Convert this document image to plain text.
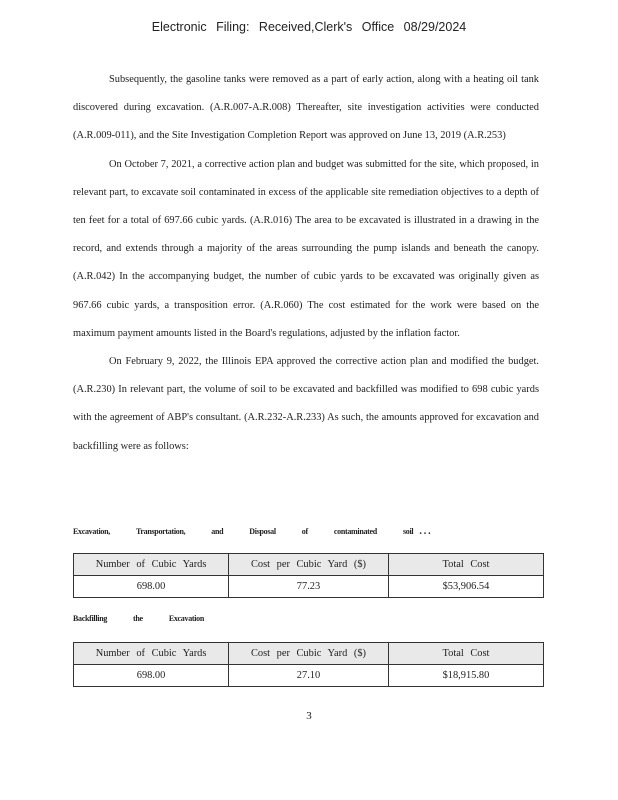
Electronic Filing: Received,Clerk's Office 08/29/2024

Subsequently, the gasoline tanks were removed as a part of early action, along with a heating oil tank discovered during excavation. (A.R.007-A.R.008) Thereafter, site investigation activities were conducted (A.R.009-011), and the Site Investigation Completion Report was approved on June 13, 2019 (A.R.253)

On October 7, 2021, a corrective action plan and budget was submitted for the site, which proposed, in relevant part, to excavate soil contaminated in excess of the applicable site remediation objectives to a depth of ten feet for a total of 697.66 cubic yards. (A.R.016) The area to be excavated is illustrated in a drawing in the record, and extends through a majority of the areas surrounding the pump islands and beneath the canopy. (A.R.042) In the accompanying budget, the number of cubic yards to be excavated was originally given as 967.66 cubic yards, a transposition error. (A.R.060) The cost estimated for the work were based on the maximum payment amounts listed in the Board's regulations, adjusted by the inflation factor.

On February 9, 2022, the Illinois EPA approved the corrective action plan and modified the budget. (A.R.230) In relevant part, the volume of soil to be excavated and backfilled was modified to 698 cubic yards with the agreement of ABP's consultant. (A.R.232-A.R.233) As such, the amounts approved for excavation and backfilling were as follows:

Excavation,	Transportation,	and	Disposal	of	contaminated	soil . . .
Number of Cubic Yards	Cost per Cubic Yard ($)	Total Cost
698.00	77.23	$53,906.54
Backfilling	the	Excavation
Number of Cubic Yards	Cost per Cubic Yard ($)	Total Cost
698.00	27.10	$18,915.80
3
